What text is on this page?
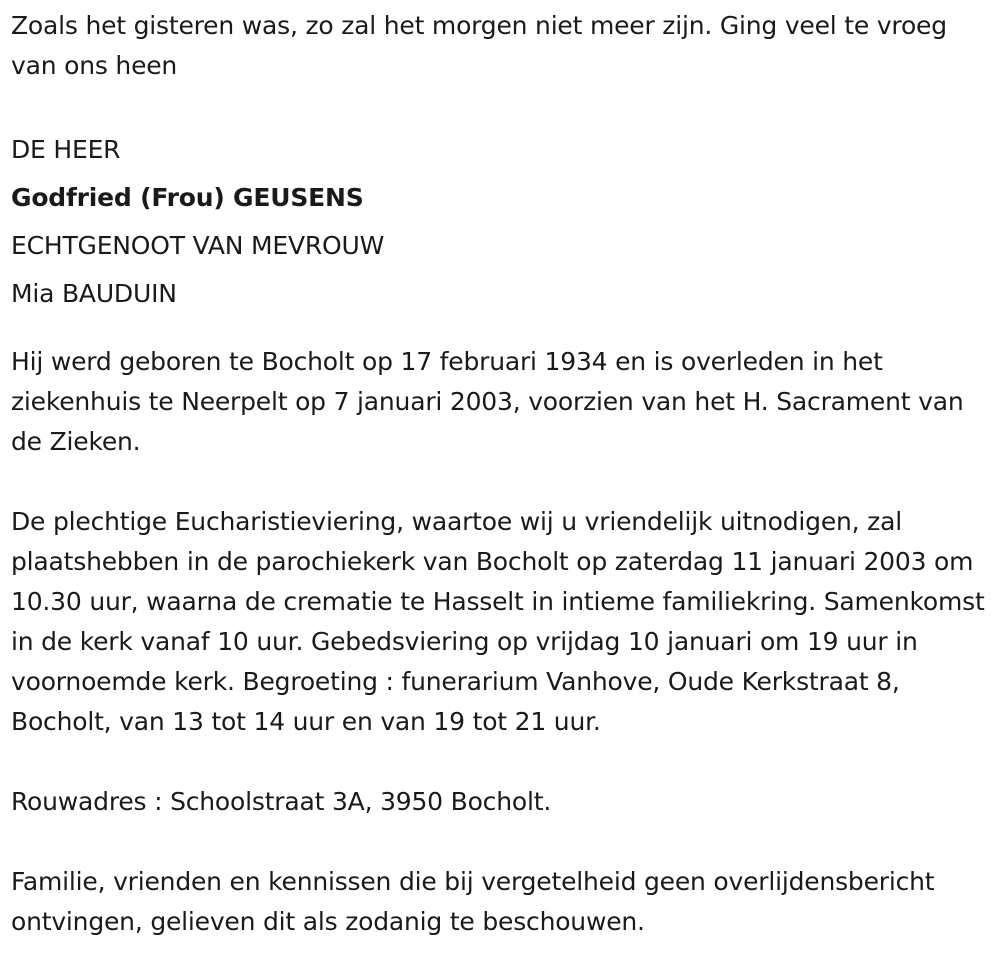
Zoals het gisteren was, zo zal het morgen niet meer zijn. Ging veel te vroeg van ons heen

DE HEER

Godfried (Frou) GEUSENS

ECHTGENOOT VAN MEVROUW

Mia BAUDUIN

Hij werd geboren te Bocholt op 17 februari 1934 en is overleden in het ziekenhuis te Neerpelt op 7 januari 2003, voorzien van het H. Sacrament van de Zieken.

De plechtige Eucharistieviering, waartoe wij u vriendelijk uitnodigen, zal plaatshebben in de parochiekerk van Bocholt op zaterdag 11 januari 2003 om 10.30 uur, waarna de crematie te Hasselt in intieme familiekring. Samenkomst in de kerk vanaf 10 uur. Gebedsviering op vrijdag 10 januari om 19 uur in voornoemde kerk. Begroeting : funerarium Vanhove, Oude Kerkstraat 8, Bocholt, van 13 tot 14 uur en van 19 tot 21 uur.

Rouwadres : Schoolstraat 3A, 3950 Bocholt.

Familie, vrienden en kennissen die bij vergetelheid geen overlijdensbericht ontvingen, gelieven dit als zodanig te beschouwen.
